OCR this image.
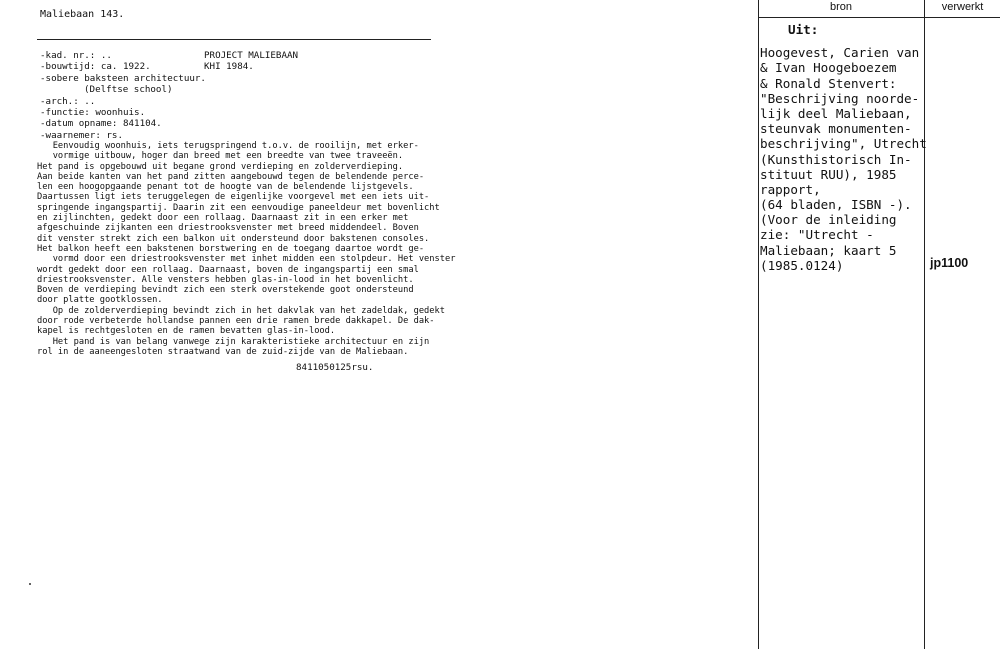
Maliebaan 143.
-kad. nr.: ..
-bouwtijd: ca. 1922.
-sobere baksteen architectuur.
(Delftse school)
-arch.: ..
-functie: woonhuis.
-datum opname: 841104.
-waarnemer: rs.
PROJECT MALIEBAAN
KHI 1984.
Eenvoudig woonhuis, iets terugspringend t.o.v. de rooilijn, met erker-
vormige uitbouw, hoger dan breed met een breedte van twee traveeën.
Het pand is opgebouwd uit begane grond verdieping en zolderverdieping.
Aan beide kanten van het pand zitten aangebouwd tegen de belendende perce-
len een hoogopgaande penant tot de hoogte van de belendende lijstgevels.
Daartussen ligt iets teruggelegen de eigenlijke voorgevel met een iets uit-
springende ingangspartij. Daarin zit een eenvoudige paneeldeur met bovenlicht
en zijlinchten, gedekt door een rollaag. Daarnaast zit in een erker met
afgeschuinde zijkanten een driestrooksvenster met breed middendeel. Boven
dit venster strekt zich een balkon uit ondersteund door bakstenen consoles.
Het balkon heeft een bakstenen borstwering en de toegang daartoe wordt ge-
vormd door een driestrooksvenster met inhet midden een stolpdeur. Het venster
wordt gedekt door een rollaag. Daarnaast, boven de ingangspartij een smal
driestrooksvenster. Alle vensters hebben glas-in-lood in het bovenlicht.
Boven de verdieping bevindt zich een sterk overstekende goot ondersteund
door platte gootklossen.
Op de zolderverdieping bevindt zich in het dakvlak van het zadeldak, gedekt
door rode verbeterde hollandse pannen een drie ramen brede dakkapel. De dak-
kapel is rechtgesloten en de ramen bevatten glas-in-lood.
Het pand is van belang vanwege zijn karakteristieke architectuur en zijn
rol in de aaneengesloten straatwand van de zuid-zijde van de Maliebaan.
8411050125rsu.
bron	verwerkt
Uit:
Hoogevest, Carien van
& Ivan Hoogeboezem
& Ronald Stenvert:
"Beschrijving noorde-
lijk deel Maliebaan,
steunvak monumenten-
beschrijving", Utrecht
(Kunsthistorisch In-
stituut RUU), 1985
rapport,
(64 bladen, ISBN -).
(Voor de inleiding
zie: "Utrecht -
Maliebaan; kaart 5
(1985.0124)	jp1100
